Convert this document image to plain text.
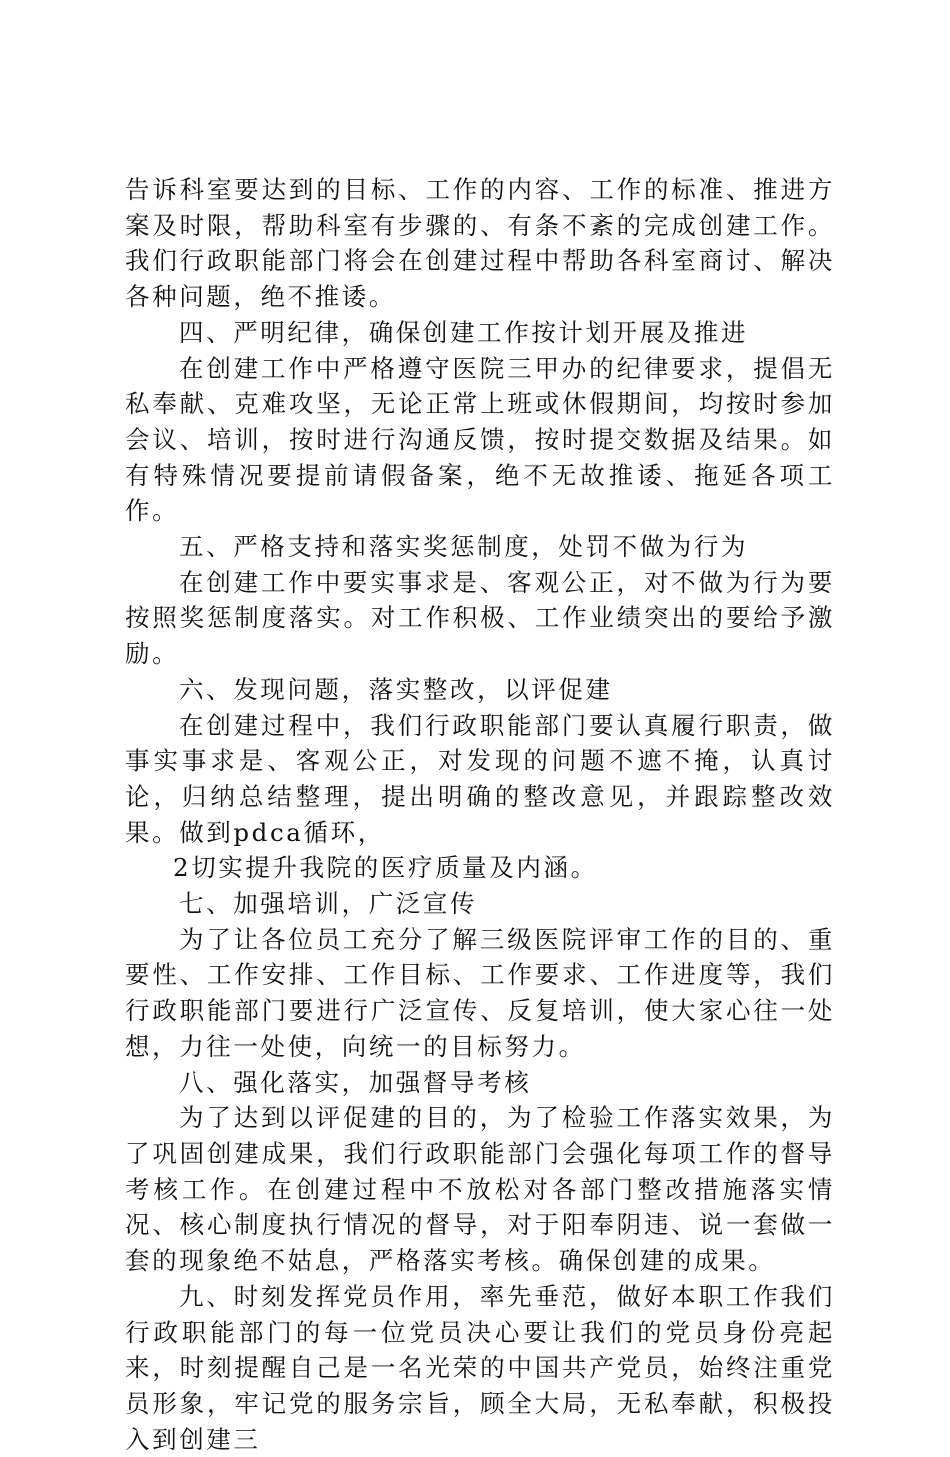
告诉科室要达到的目标、工作的内容、工作的标准、推进方案及时限，帮助科室有步骤的、有条不紊的完成创建工作。我们行政职能部门将会在创建过程中帮助各科室商讨、解决各种问题，绝不推诿。

四、严明纪律，确保创建工作按计划开展及推进

在创建工作中严格遵守医院三甲办的纪律要求，提倡无私奉献、克难攻坚，无论正常上班或休假期间，均按时参加会议、培训，按时进行沟通反馈，按时提交数据及结果。如有特殊情况要提前请假备案，绝不无故推诿、拖延各项工作。

五、严格支持和落实奖惩制度，处罚不做为行为

在创建工作中要实事求是、客观公正，对不做为行为要按照奖惩制度落实。对工作积极、工作业绩突出的要给予激励。

六、发现问题，落实整改，以评促建

在创建过程中，我们行政职能部门要认真履行职责，做事实事求是、客观公正，对发现的问题不遮不掩，认真讨论，归纳总结整理，提出明确的整改意见，并跟踪整改效果。做到pdca循环，

2切实提升我院的医疗质量及内涵。

七、加强培训，广泛宣传

为了让各位员工充分了解三级医院评审工作的目的、重要性、工作安排、工作目标、工作要求、工作进度等，我们行政职能部门要进行广泛宣传、反复培训，使大家心往一处想，力往一处使，向统一的目标努力。

八、强化落实，加强督导考核

为了达到以评促建的目的，为了检验工作落实效果，为了巩固创建成果，我们行政职能部门会强化每项工作的督导考核工作。在创建过程中不放松对各部门整改措施落实情况、核心制度执行情况的督导，对于阳奉阴违、说一套做一套的现象绝不姑息，严格落实考核。确保创建的成果。

九、时刻发挥党员作用，率先垂范，做好本职工作我们行政职能部门的每一位党员决心要让我们的党员身份亮起来，时刻提醒自己是一名光荣的中国共产党员，始终注重党员形象，牢记党的服务宗旨，顾全大局，无私奉献，积极投入到创建三
